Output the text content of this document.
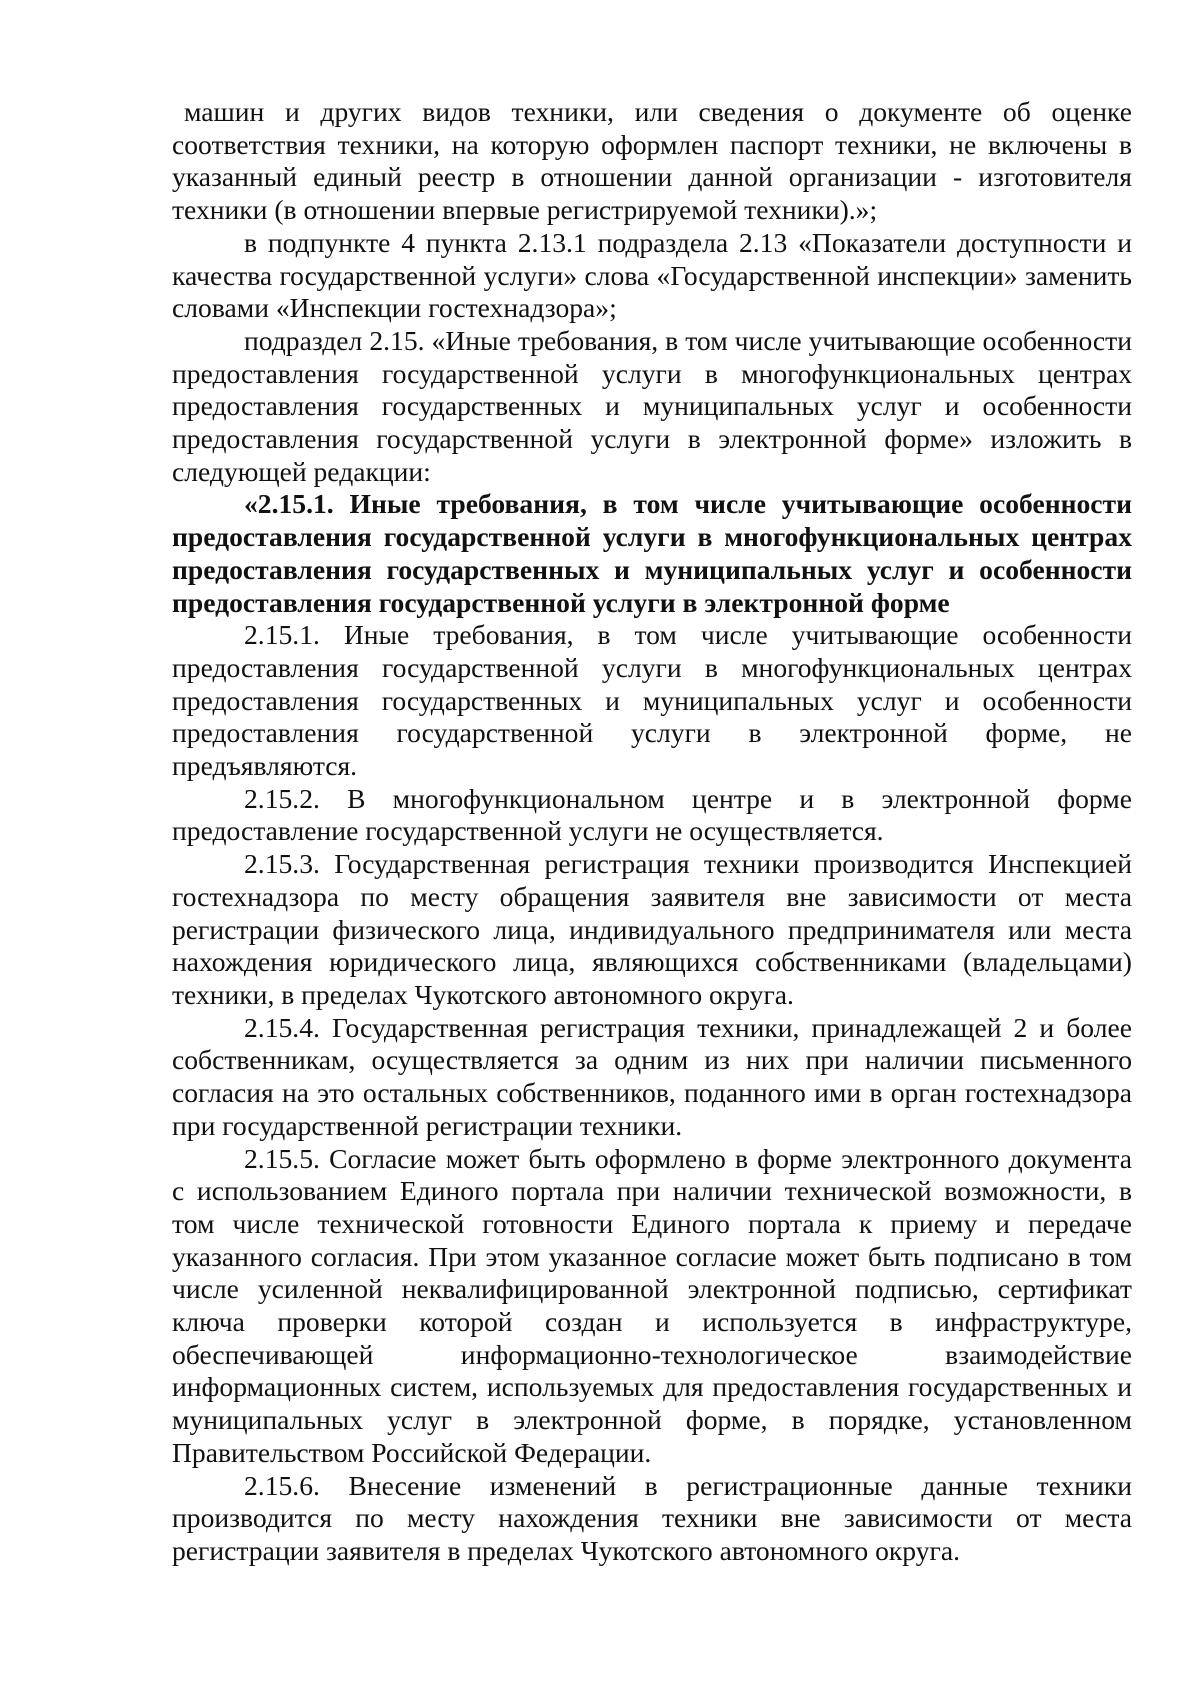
машин и других видов техники, или сведения о документе об оценке соответствия техники, на которую оформлен паспорт техники, не включены в указанный единый реестр в отношении данной организации - изготовителя техники (в отношении впервые регистрируемой техники).»;

в подпункте 4 пункта 2.13.1 подраздела 2.13 «Показатели доступности и качества государственной услуги» слова «Государственной инспекции» заменить словами «Инспекции гостехнадзора»;

подраздел 2.15. «Иные требования, в том числе учитывающие особенности предоставления государственной услуги в многофункциональных центрах предоставления государственных и муниципальных услуг и особенности предоставления государственной услуги в электронной форме» изложить в следующей редакции:

«2.15.1. Иные требования, в том числе учитывающие особенности предоставления государственной услуги в многофункциональных центрах предоставления государственных и муниципальных услуг и особенности предоставления государственной услуги в электронной форме

2.15.1. Иные требования, в том числе учитывающие особенности предоставления государственной услуги в многофункциональных центрах предоставления государственных и муниципальных услуг и особенности предоставления государственной услуги в электронной форме, не предъявляются.

2.15.2. В многофункциональном центре и в электронной форме предоставление государственной услуги не осуществляется.

2.15.3. Государственная регистрация техники производится Инспекцией гостехнадзора по месту обращения заявителя вне зависимости от места регистрации физического лица, индивидуального предпринимателя или места нахождения юридического лица, являющихся собственниками (владельцами) техники, в пределах Чукотского автономного округа.

2.15.4. Государственная регистрация техники, принадлежащей 2 и более собственникам, осуществляется за одним из них при наличии письменного согласия на это остальных собственников, поданного ими в орган гостехнадзора при государственной регистрации техники.

2.15.5. Согласие может быть оформлено в форме электронного документа с использованием Единого портала при наличии технической возможности, в том числе технической готовности Единого портала к приему и передаче указанного согласия. При этом указанное согласие может быть подписано в том числе усиленной неквалифицированной электронной подписью, сертификат ключа проверки которой создан и используется в инфраструктуре, обеспечивающей информационно-технологическое взаимодействие информационных систем, используемых для предоставления государственных и муниципальных услуг в электронной форме, в порядке, установленном Правительством Российской Федерации.

2.15.6. Внесение изменений в регистрационные данные техники производится по месту нахождения техники вне зависимости от места регистрации заявителя в пределах Чукотского автономного округа.
